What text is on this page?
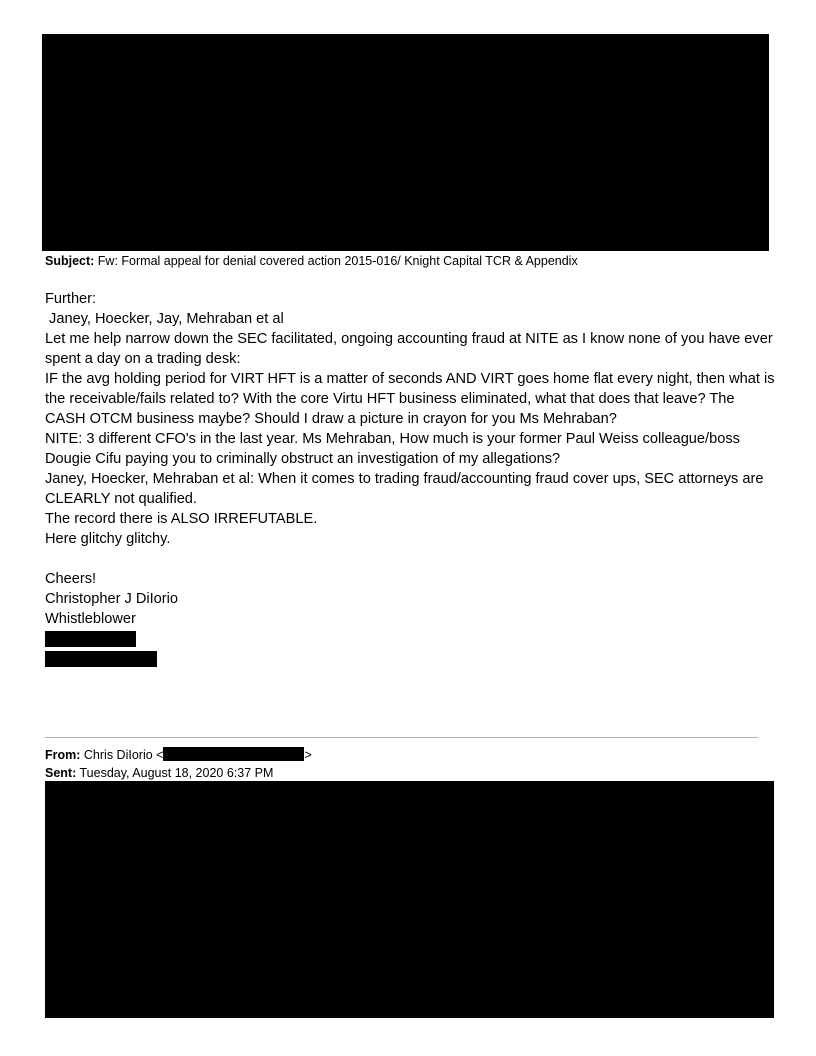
Subject: Fw: Formal appeal for denial covered action 2015-016/ Knight Capital TCR & Appendix

Further:

Janey, Hoecker, Jay, Mehraban et al

Let me help narrow down the SEC facilitated, ongoing accounting fraud at NITE as I know none of you have ever spent a day on a trading desk:

IF the avg holding period for VIRT HFT is a matter of seconds AND VIRT goes home flat every night, then what is the receivable/fails related to? With the core Virtu HFT business eliminated, what that does that leave? The CASH OTCM business maybe? Should I draw a picture in crayon for you Ms Mehraban?

NITE: 3 different CFO's in the last year. Ms Mehraban, How much is your former Paul Weiss colleague/boss Dougie Cifu paying you to criminally obstruct an investigation of my allegations?

Janey, Hoecker, Mehraban et al: When it comes to trading fraud/accounting fraud cover ups, SEC attorneys are CLEARLY not qualified.

The record there is ALSO IRREFUTABLE.

Here glitchy glitchy.

Cheers!

Christopher J DiIorio

Whistleblower

From: Chris DiIorio <	>
Sent: Tuesday, August 18, 2020 6:37 PM
